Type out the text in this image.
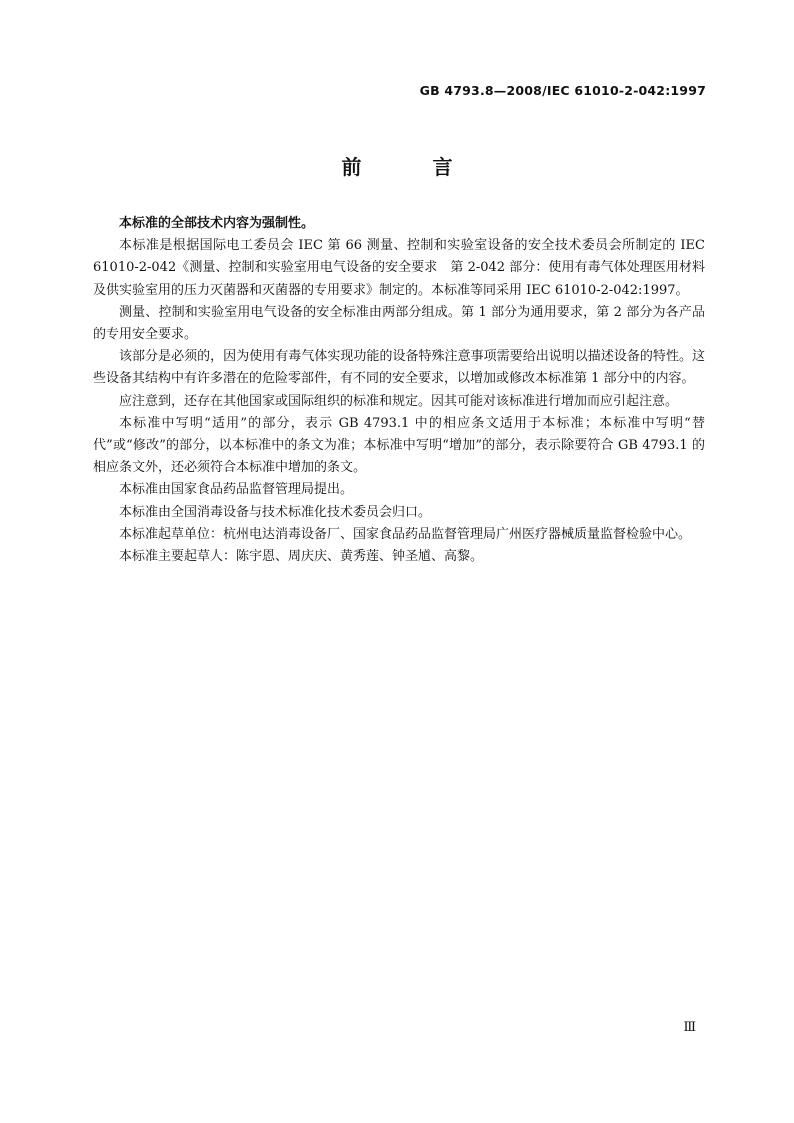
GB 4793.8—2008/IEC 61010-2-042:1997
前 言

本标准的全部技术内容为强制性。

本标准是根据国际电工委员会 IEC 第 66 测量、控制和实验室设备的安全技术委员会所制定的 IEC 61010-2-042《测量、控制和实验室用电气设备的安全要求　第 2-042 部分：使用有毒气体处理医用材料及供实验室用的压力灭菌器和灭菌器的专用要求》制定的。本标准等同采用 IEC 61010-2-042:1997。

测量、控制和实验室用电气设备的安全标准由两部分组成。第 1 部分为通用要求，第 2 部分为各产品的专用安全要求。

该部分是必须的，因为使用有毒气体实现功能的设备特殊注意事项需要给出说明以描述设备的特性。这些设备其结构中有许多潜在的危险零部件，有不同的安全要求，以增加或修改本标准第 1 部分中的内容。

应注意到，还存在其他国家或国际组织的标准和规定。因其可能对该标准进行增加而应引起注意。

本标准中写明“适用”的部分，表示 GB 4793.1 中的相应条文适用于本标准；本标准中写明“替代”或“修改”的部分，以本标准中的条文为准；本标准中写明“增加”的部分，表示除要符合 GB 4793.1 的相应条文外，还必须符合本标准中增加的条文。

本标准由国家食品药品监督管理局提出。

本标准由全国消毒设备与技术标准化技术委员会归口。

本标准起草单位：杭州电达消毒设备厂、国家食品药品监督管理局广州医疗器械质量监督检验中心。

本标准主要起草人：陈宇恩、周庆庆、黄秀莲、钟圣馗、高黎。

Ⅲ
